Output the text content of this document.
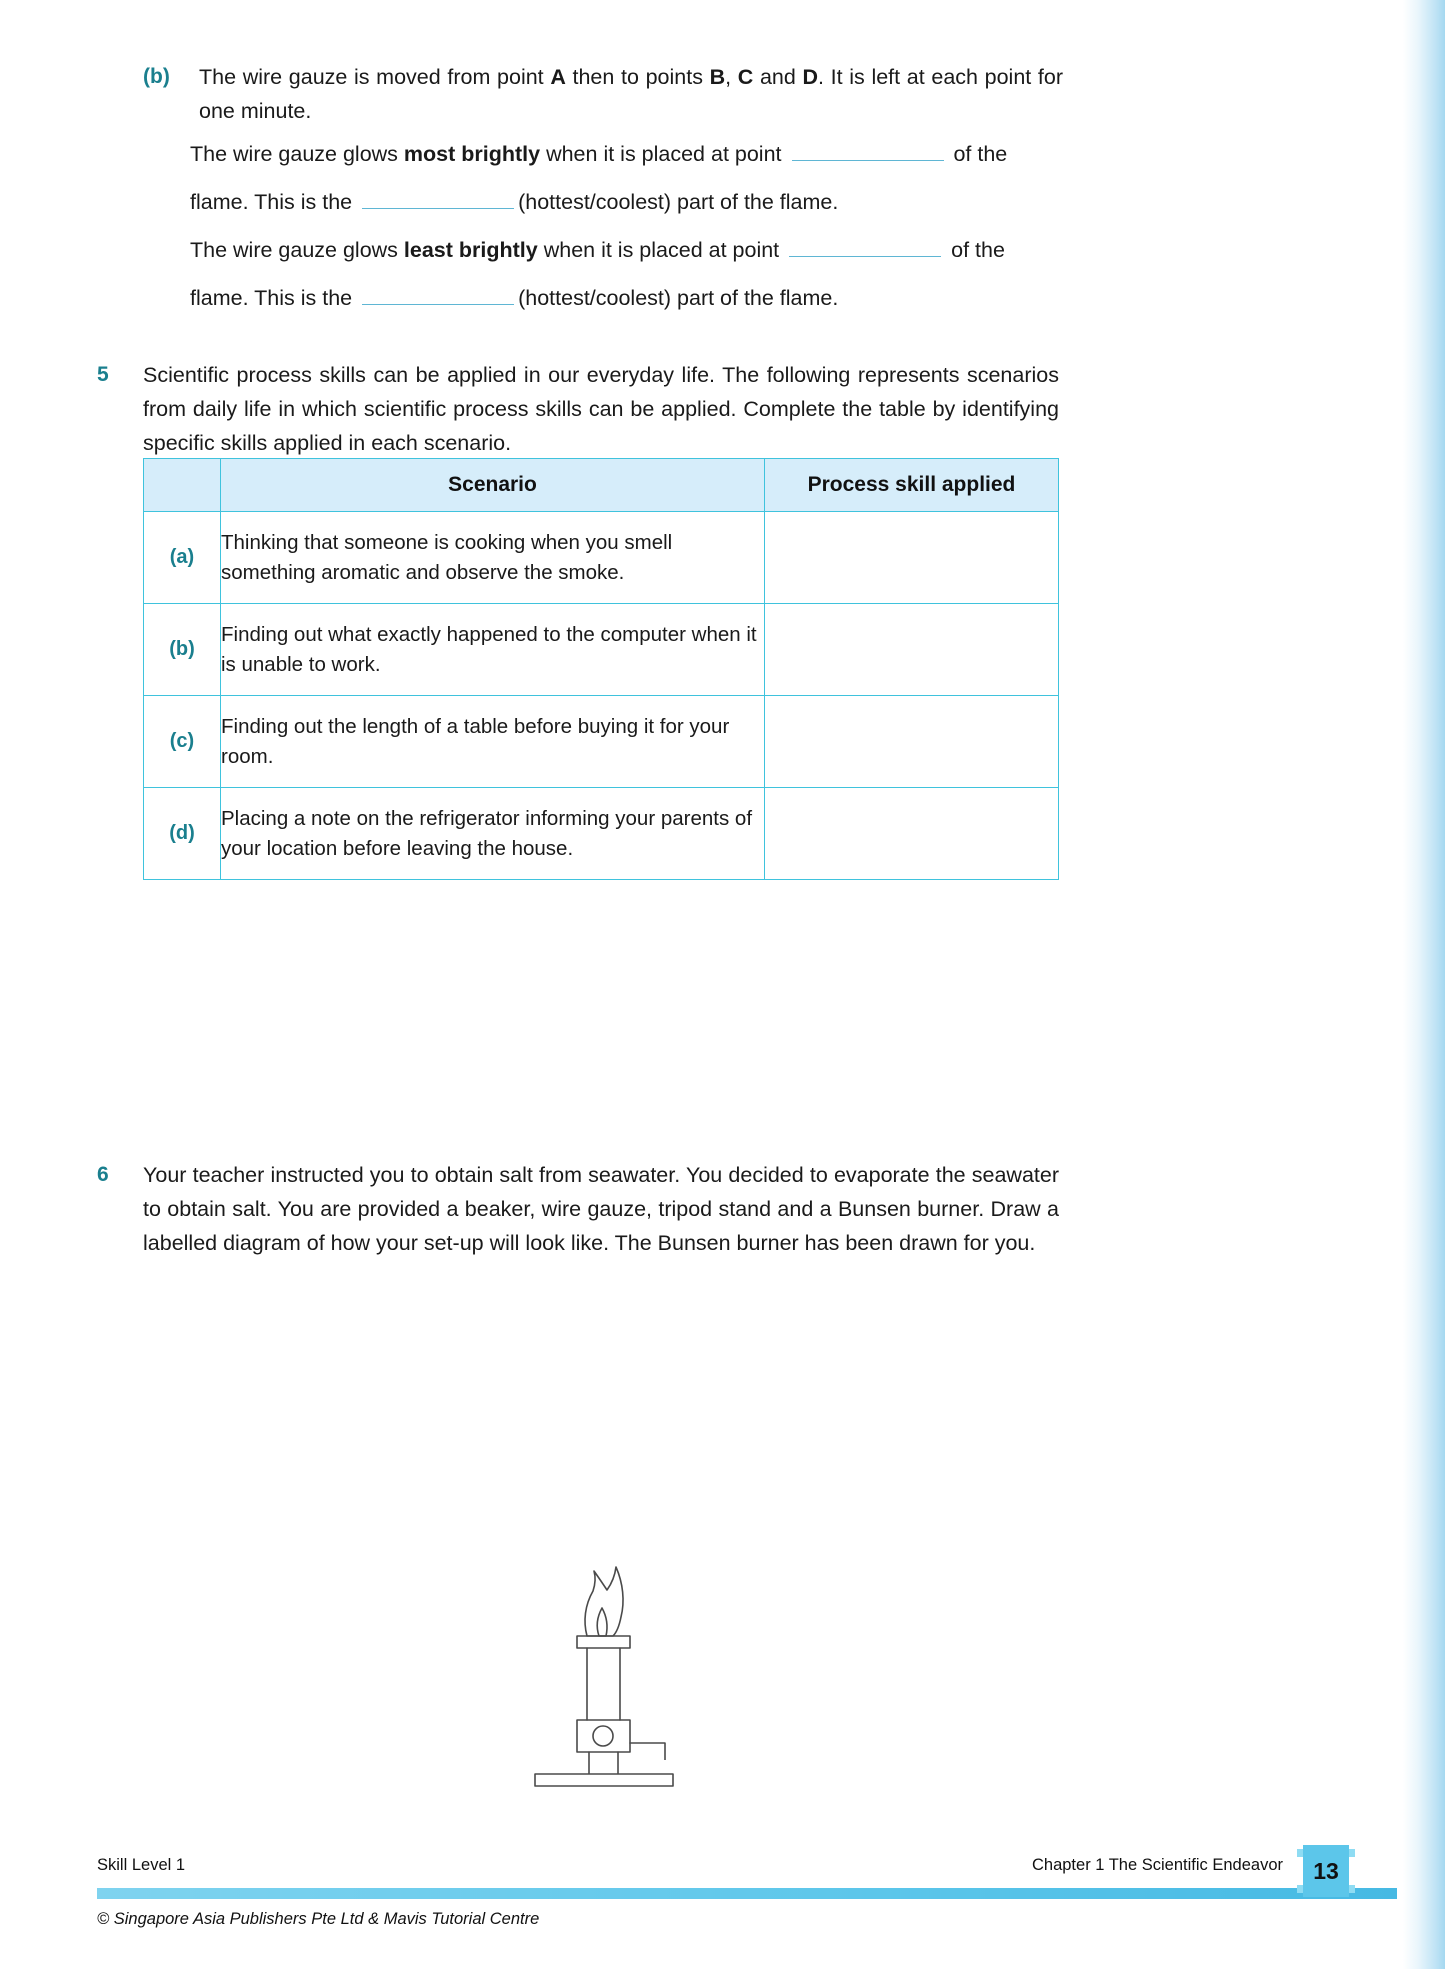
(b)	The wire gauze is moved from point A then to points B, C and D. It is left at each point for one minute.
The wire gauze glows most brightly when it is placed at point	of the
flame. This is the	(hottest/coolest) part of the flame.
The wire gauze glows least brightly when it is placed at point	of the
flame. This is the	(hottest/coolest) part of the flame.
5	Scientific process skills can be applied in our everyday life. The following represents scenarios from daily life in which scientific process skills can be applied. Complete the table by identifying specific skills applied in each scenario.
	Scenario	Process skill applied
(a)	Thinking that someone is cooking when you smell something aromatic and observe the smoke.	
(b)	Finding out what exactly happened to the computer when it is unable to work.	
(c)	Finding out the length of a table before buying it for your room.	
(d)	Placing a note on the refrigerator informing your parents of your location before leaving the house.	
6	Your teacher instructed you to obtain salt from seawater. You decided to evaporate the seawater to obtain salt. You are provided a beaker, wire gauze, tripod stand and a Bunsen burner. Draw a labelled diagram of how your set-up will look like. The Bunsen burner has been drawn for you.
Skill Level 1	Chapter 1 The Scientific Endeavor	13
© Singapore Asia Publishers Pte Ltd & Mavis Tutorial Centre
